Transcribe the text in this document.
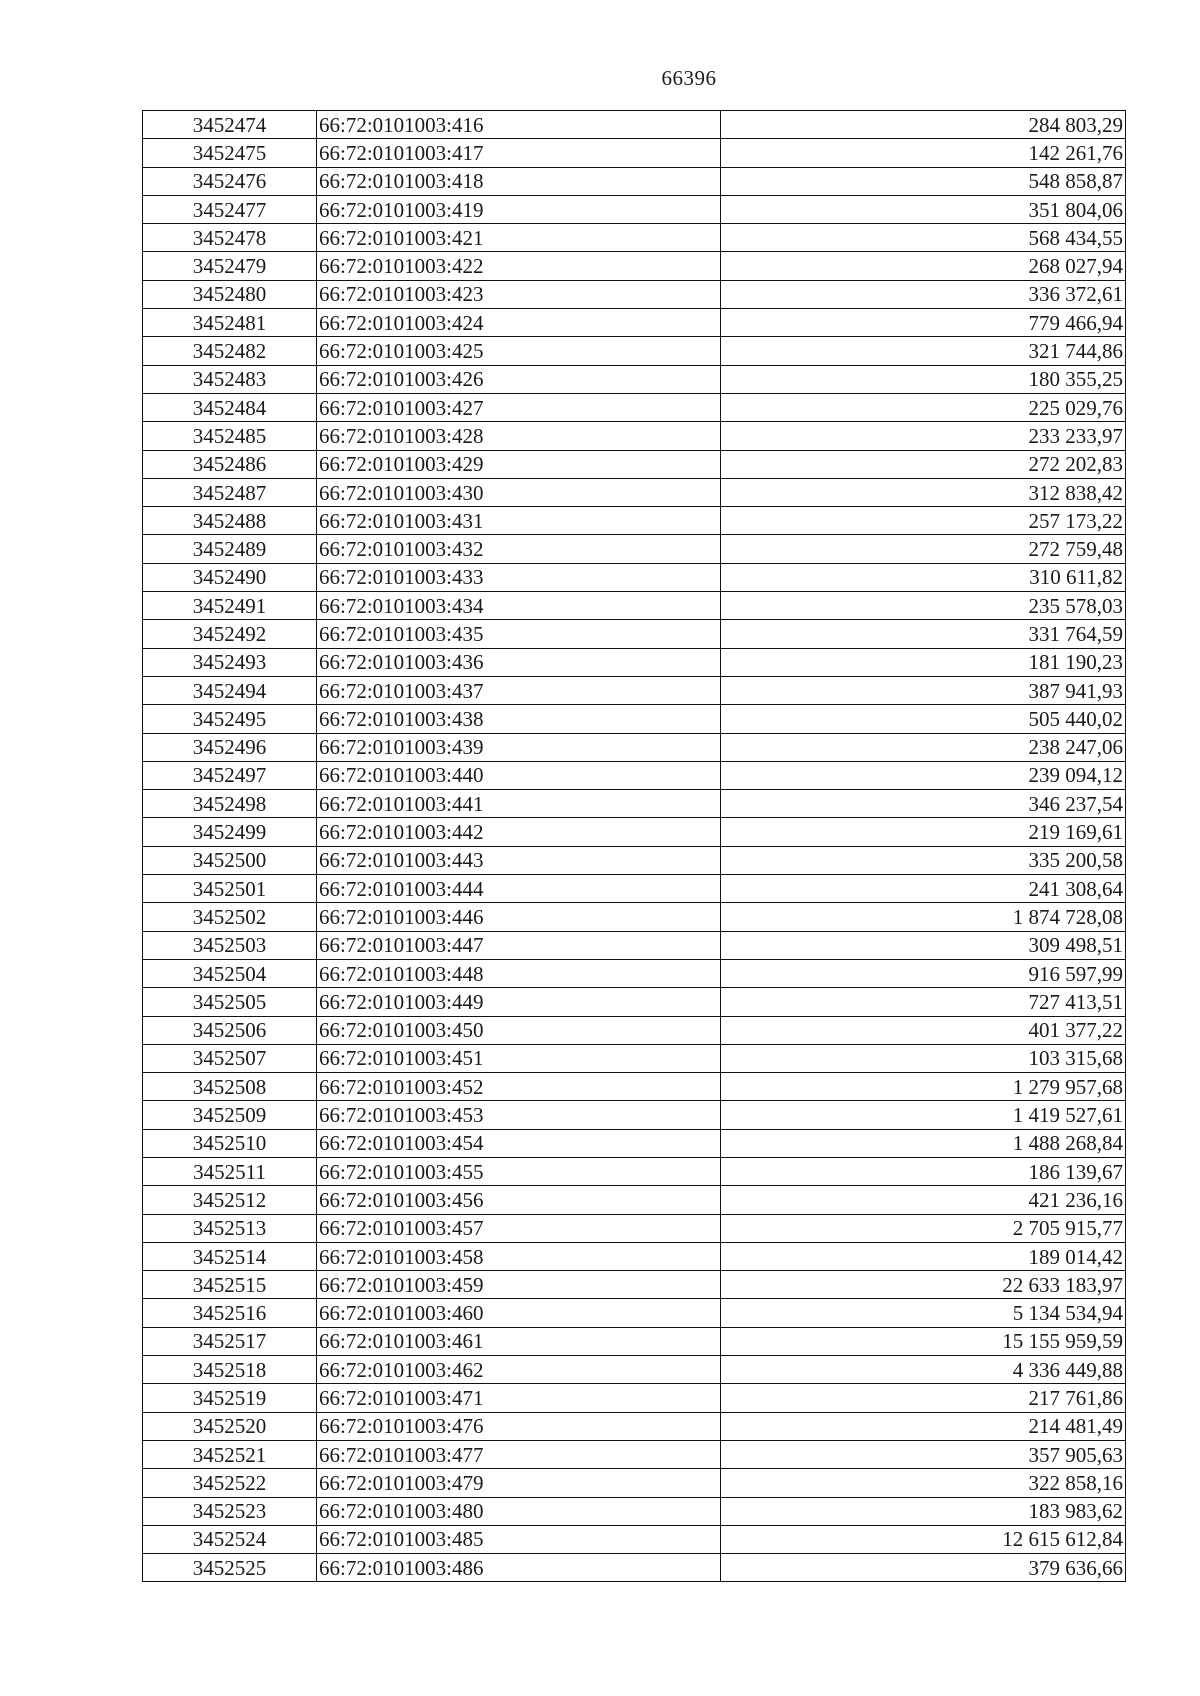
66396
3452474	66:72:0101003:416	284 803,29
3452475	66:72:0101003:417	142 261,76
3452476	66:72:0101003:418	548 858,87
3452477	66:72:0101003:419	351 804,06
3452478	66:72:0101003:421	568 434,55
3452479	66:72:0101003:422	268 027,94
3452480	66:72:0101003:423	336 372,61
3452481	66:72:0101003:424	779 466,94
3452482	66:72:0101003:425	321 744,86
3452483	66:72:0101003:426	180 355,25
3452484	66:72:0101003:427	225 029,76
3452485	66:72:0101003:428	233 233,97
3452486	66:72:0101003:429	272 202,83
3452487	66:72:0101003:430	312 838,42
3452488	66:72:0101003:431	257 173,22
3452489	66:72:0101003:432	272 759,48
3452490	66:72:0101003:433	310 611,82
3452491	66:72:0101003:434	235 578,03
3452492	66:72:0101003:435	331 764,59
3452493	66:72:0101003:436	181 190,23
3452494	66:72:0101003:437	387 941,93
3452495	66:72:0101003:438	505 440,02
3452496	66:72:0101003:439	238 247,06
3452497	66:72:0101003:440	239 094,12
3452498	66:72:0101003:441	346 237,54
3452499	66:72:0101003:442	219 169,61
3452500	66:72:0101003:443	335 200,58
3452501	66:72:0101003:444	241 308,64
3452502	66:72:0101003:446	1 874 728,08
3452503	66:72:0101003:447	309 498,51
3452504	66:72:0101003:448	916 597,99
3452505	66:72:0101003:449	727 413,51
3452506	66:72:0101003:450	401 377,22
3452507	66:72:0101003:451	103 315,68
3452508	66:72:0101003:452	1 279 957,68
3452509	66:72:0101003:453	1 419 527,61
3452510	66:72:0101003:454	1 488 268,84
3452511	66:72:0101003:455	186 139,67
3452512	66:72:0101003:456	421 236,16
3452513	66:72:0101003:457	2 705 915,77
3452514	66:72:0101003:458	189 014,42
3452515	66:72:0101003:459	22 633 183,97
3452516	66:72:0101003:460	5 134 534,94
3452517	66:72:0101003:461	15 155 959,59
3452518	66:72:0101003:462	4 336 449,88
3452519	66:72:0101003:471	217 761,86
3452520	66:72:0101003:476	214 481,49
3452521	66:72:0101003:477	357 905,63
3452522	66:72:0101003:479	322 858,16
3452523	66:72:0101003:480	183 983,62
3452524	66:72:0101003:485	12 615 612,84
3452525	66:72:0101003:486	379 636,66
